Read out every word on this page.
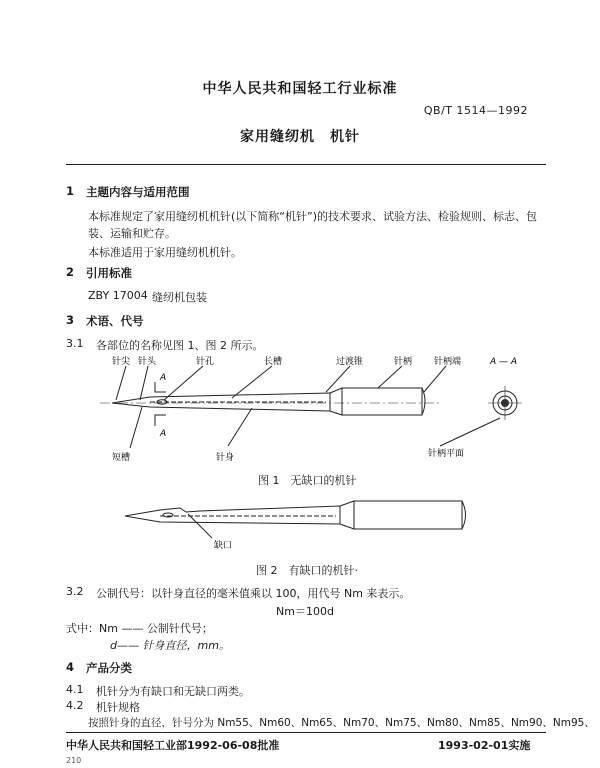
中华人民共和国轻工行业标准
QB/T 1514—1992
家用缝纫机　机针
1 主题内容与适用范围
本标准规定了家用缝纫机机针(以下简称“机针”)的技术要求、试验方法、检验规则、标志、包装、运输和贮存。
本标准适用于家用缝纫机机针。
2 引用标准
ZBY 17004 缝纫机包装
3 术语、代号
3.1 各部位的名称见图 1、图 2 所示。
针尖 针头	针孔	长槽	过渡锥	针柄 针柄端
短槽	针身	针柄平面
A — A
A
A
图 1　无缺口的机针
缺口
图 2　有缺口的机针·
3.2 公制代号：以针身直径的毫米值乘以 100，用代号 Nm 来表示。
Nm＝100d
式中：Nm —— 公制针代号；
d—— 针身直径，mm。
4 产品分类
4.1 机针分为有缺口和无缺口两类。
4.2 机针规格
按照针身的直径，针号分为 Nm55、Nm60、Nm65、Nm70、Nm75、Nm80、Nm85、Nm90、Nm95、
中华人民共和国轻工业部1992-06-08批准	1993-02-01实施
210
